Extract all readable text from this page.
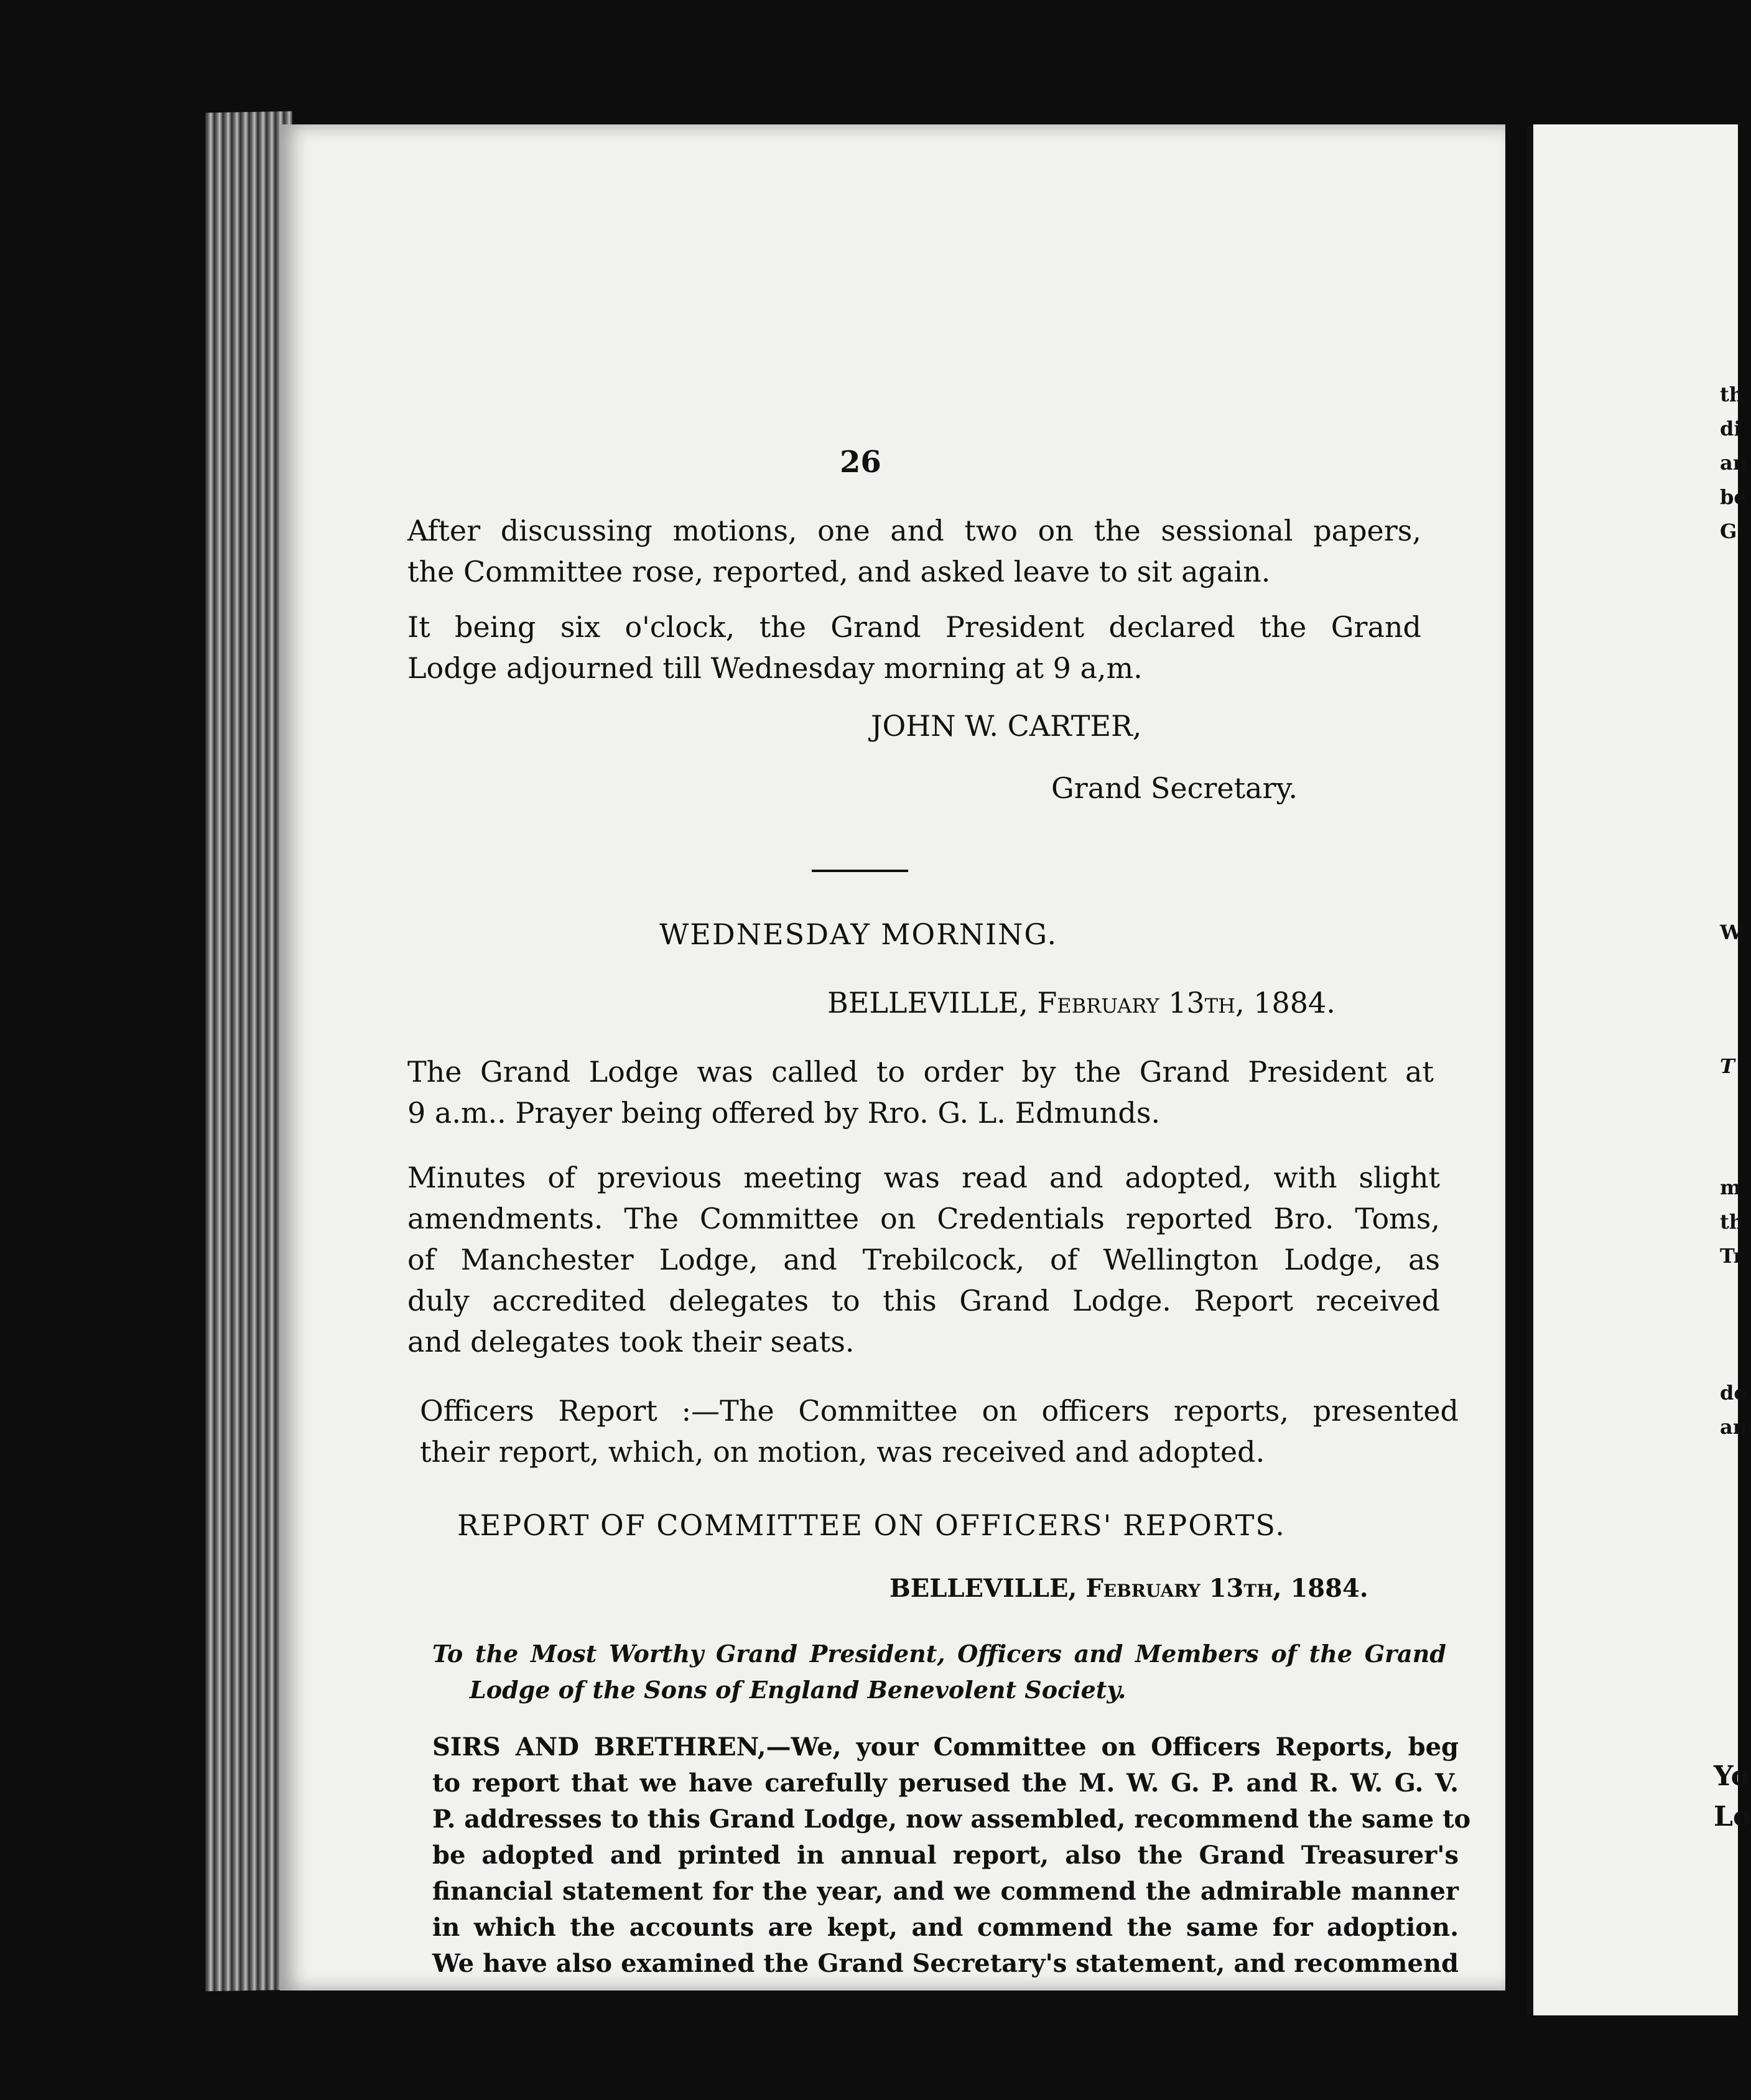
26
After discussing motions, one and two on the sessional papers,
the Committee rose, reported, and asked leave to sit again.
It being six o'clock, the Grand President declared the Grand
Lodge adjourned till Wednesday morning at 9 a,m.
JOHN W. CARTER,
Grand Secretary.
WEDNESDAY MORNING.
BELLEVILLE, February 13th, 1884.
The Grand Lodge was called to order by the Grand President at
9 a.m.. Prayer being offered by Rro. G. L. Edmunds.
Minutes of previous meeting was read and adopted, with slight
amendments. The Committee on Credentials reported Bro. Toms,
of Manchester Lodge, and Trebilcock, of Wellington Lodge, as
duly accredited delegates to this Grand Lodge. Report received
and delegates took their seats.
Officers Report :—The Committee on officers reports, presented
their report, which, on motion, was received and adopted.
REPORT OF COMMITTEE ON OFFICERS' REPORTS.
BELLEVILLE, February 13th, 1884.
To the Most Worthy Grand President, Officers and Members of the Grand
Lodge of the Sons of England Benevolent Society.
SIRS AND BRETHREN,—We, your Committee on Officers Reports, beg
to report that we have carefully perused the M. W. G. P. and R. W. G. V.
P. addresses to this Grand Lodge, now assembled, recommend the same to
be adopted and printed in annual report, also the Grand Treasurer's
financial statement for the year, and we commend the admirable manner
in which the accounts are kept, and commend the same for adoption.
We have also examined the Grand Secretary's statement, and recommend
th
di
an
be
G
W
T
m
th
Tr
do
an
Yo
Lo
